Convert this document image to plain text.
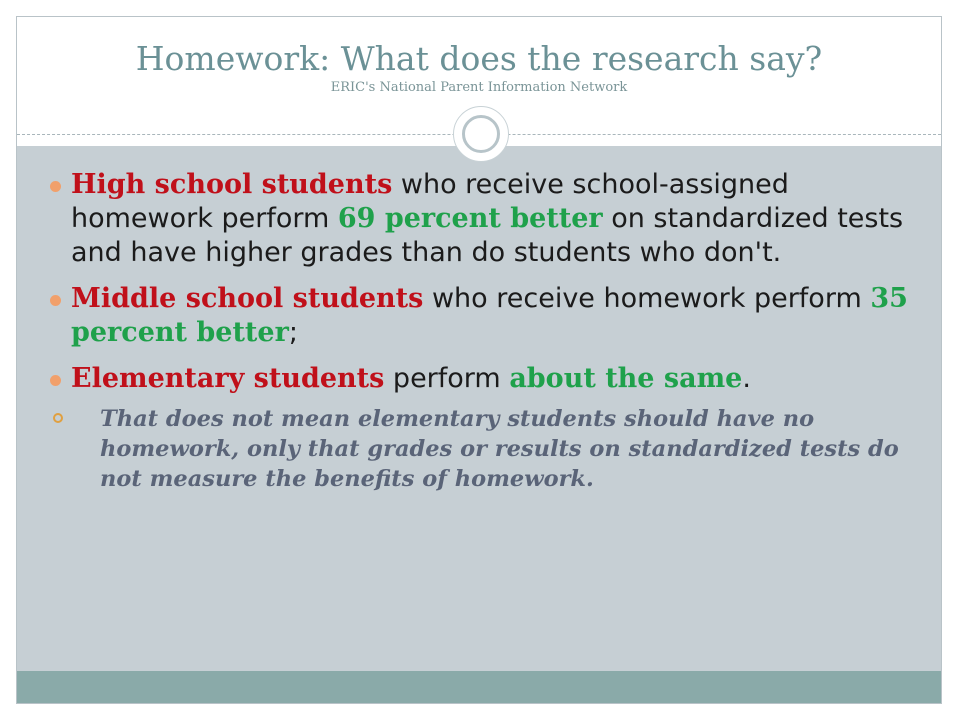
Homework: What does the research say?
ERIC's National Parent Information Network
High school students who receive school-assigned homework perform 69 percent better on standardized tests and have higher grades than do students who don't.
Middle school students who receive homework perform 35 percent better;
Elementary students perform about the same.
That does not mean elementary students should have no homework, only that grades or results on standardized tests do not measure the benefits of homework.
